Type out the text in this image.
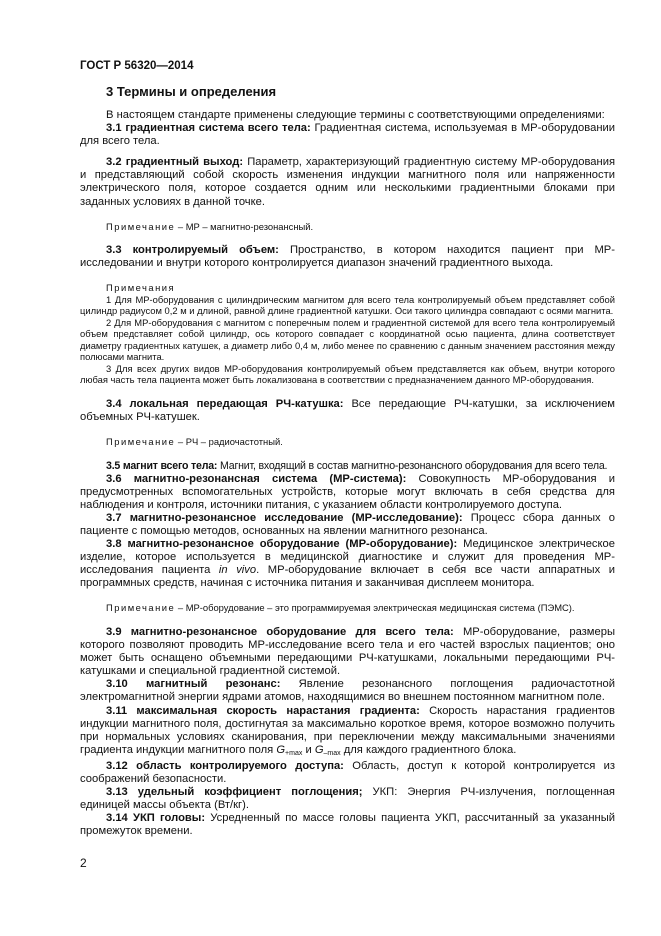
ГОСТ Р 56320—2014
3 Термины и определения

В настоящем стандарте применены следующие термины с соответствующими определениями:

3.1 градиентная система всего тела: Градиентная система, используемая в МР-оборудовании для всего тела.

3.2 градиентный выход: Параметр, характеризующий градиентную систему МР-оборудования и представляющий собой скорость изменения индукции магнитного поля или напряженности электрического поля, которое создается одним или несколькими градиентными блоками при заданных условиях в данной точке.

Примечание – МР – магнитно-резонансный.

3.3 контролируемый объем: Пространство, в котором находится пациент при МР-исследовании и внутри которого контролируется диапазон значений градиентного выхода.

Примечания

1 Для МР-оборудования с цилиндрическим магнитом для всего тела контролируемый объем представляет собой цилиндр радиусом 0,2 м и длиной, равной длине градиентной катушки. Оси такого цилиндра совпадают с осями магнита.

2 Для МР-оборудования с магнитом с поперечным полем и градиентной системой для всего тела контролируемый объем представляет собой цилиндр, ось которого совпадает с координатной осью пациента, длина соответствует диаметру градиентных катушек, а диаметр либо 0,4 м, либо менее по сравнению с данным значением расстояния между полюсами магнита.

3 Для всех других видов МР-оборудования контролируемый объем представляется как объем, внутри которого любая часть тела пациента может быть локализована в соответствии с предназначением данного МР-оборудования.

3.4 локальная передающая РЧ-катушка: Все передающие РЧ-катушки, за исключением объемных РЧ-катушек.

Примечание – РЧ – радиочастотный.

3.5 магнит всего тела: Магнит, входящий в состав магнитно-резонансного оборудования для всего тела.

3.6 магнитно-резонансная система (МР-система): Совокупность МР-оборудования и предусмотренных вспомогательных устройств, которые могут включать в себя средства для наблюдения и контроля, источники питания, с указанием области контролируемого доступа.

3.7 магнитно-резонансное исследование (МР-исследование): Процесс сбора данных о пациенте с помощью методов, основанных на явлении магнитного резонанса.

3.8 магнитно-резонансное оборудование (МР-оборудование): Медицинское электрическое изделие, которое используется в медицинской диагностике и служит для проведения МР-исследования пациента in vivo. МР-оборудование включает в себя все части аппаратных и программных средств, начиная с источника питания и заканчивая дисплеем монитора.

Примечание – МР-оборудование – это программируемая электрическая медицинская система (ПЭМС).

3.9 магнитно-резонансное оборудование для всего тела: МР-оборудование, размеры которого позволяют проводить МР-исследование всего тела и его частей взрослых пациентов; оно может быть оснащено объемными передающими РЧ-катушками, локальными передающими РЧ-катушками и специальной градиентной системой.

3.10 магнитный резонанс: Явление резонансного поглощения радиочастотной электромагнитной энергии ядрами атомов, находящимися во внешнем постоянном магнитном поле.

3.11 максимальная скорость нарастания градиента: Скорость нарастания градиентов индукции магнитного поля, достигнутая за максимально короткое время, которое возможно получить при нормальных условиях сканирования, при переключении между максимальными значениями градиента индукции магнитного поля $G_{+max}$ и $G_{-max}$ для каждого градиентного блока.

3.12 область контролируемого доступа: Область, доступ к которой контролируется из соображений безопасности.

3.13 удельный коэффициент поглощения; УКП: Энергия РЧ-излучения, поглощенная единицей массы объекта (Вт/кг).

3.14 УКП головы: Усредненный по массе головы пациента УКП, рассчитанный за указанный промежуток времени.

2
